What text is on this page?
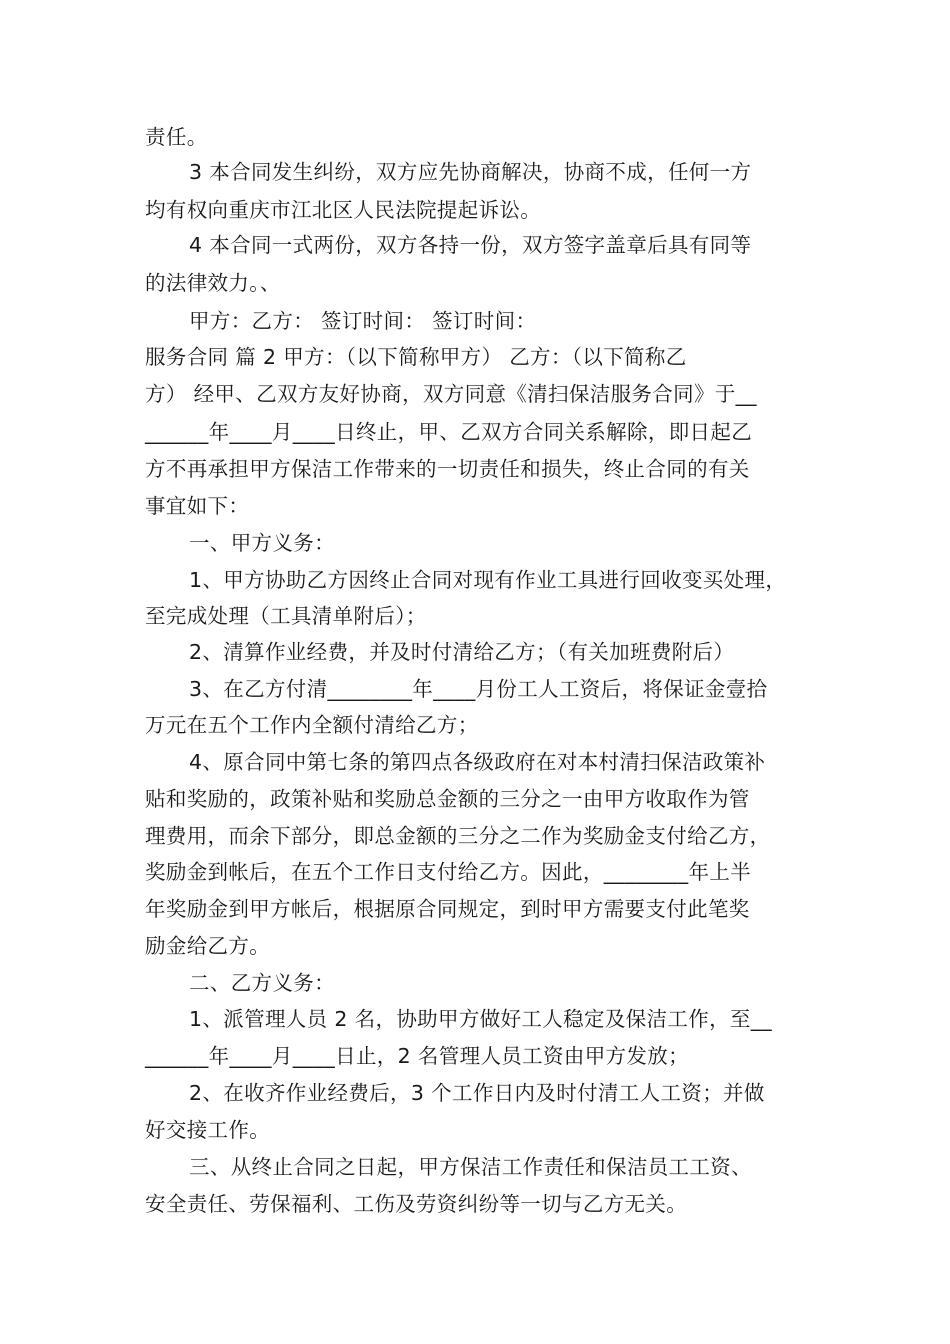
责任。
3 本合同发生纠纷，双方应先协商解决，协商不成，任何一方
均有权向重庆市江北区人民法院提起诉讼。
4 本合同一式两份，双方各持一份，双方签字盖章后具有同等
的法律效力。、
甲方：乙方： 签订时间： 签订时间：
服务合同 篇 2 甲方：（以下简称甲方） 乙方：（以下简称乙
方） 经甲、乙双方友好协商，双方同意《清扫保洁服务合同》于__
______年____月____日终止，甲、乙双方合同关系解除，即日起乙
方不再承担甲方保洁工作带来的一切责任和损失，终止合同的有关
事宜如下：
一、甲方义务：
1、甲方协助乙方因终止合同对现有作业工具进行回收变买处理，
至完成处理（工具清单附后）；
2、清算作业经费，并及时付清给乙方；（有关加班费附后）
3、在乙方付清________年____月份工人工资后，将保证金壹拾
万元在五个工作内全额付清给乙方；
4、原合同中第七条的第四点各级政府在对本村清扫保洁政策补
贴和奖励的，政策补贴和奖励总金额的三分之一由甲方收取作为管
理费用，而余下部分，即总金额的三分之二作为奖励金支付给乙方，
奖励金到帐后，在五个工作日支付给乙方。因此，________年上半
年奖励金到甲方帐后，根据原合同规定，到时甲方需要支付此笔奖
励金给乙方。
二、乙方义务：
1、派管理人员 2 名，协助甲方做好工人稳定及保洁工作，至__
______年____月____日止，2 名管理人员工资由甲方发放；
2、在收齐作业经费后，3 个工作日内及时付清工人工资；并做
好交接工作。
三、从终止合同之日起，甲方保洁工作责任和保洁员工工资、
安全责任、劳保福利、工伤及劳资纠纷等一切与乙方无关。
